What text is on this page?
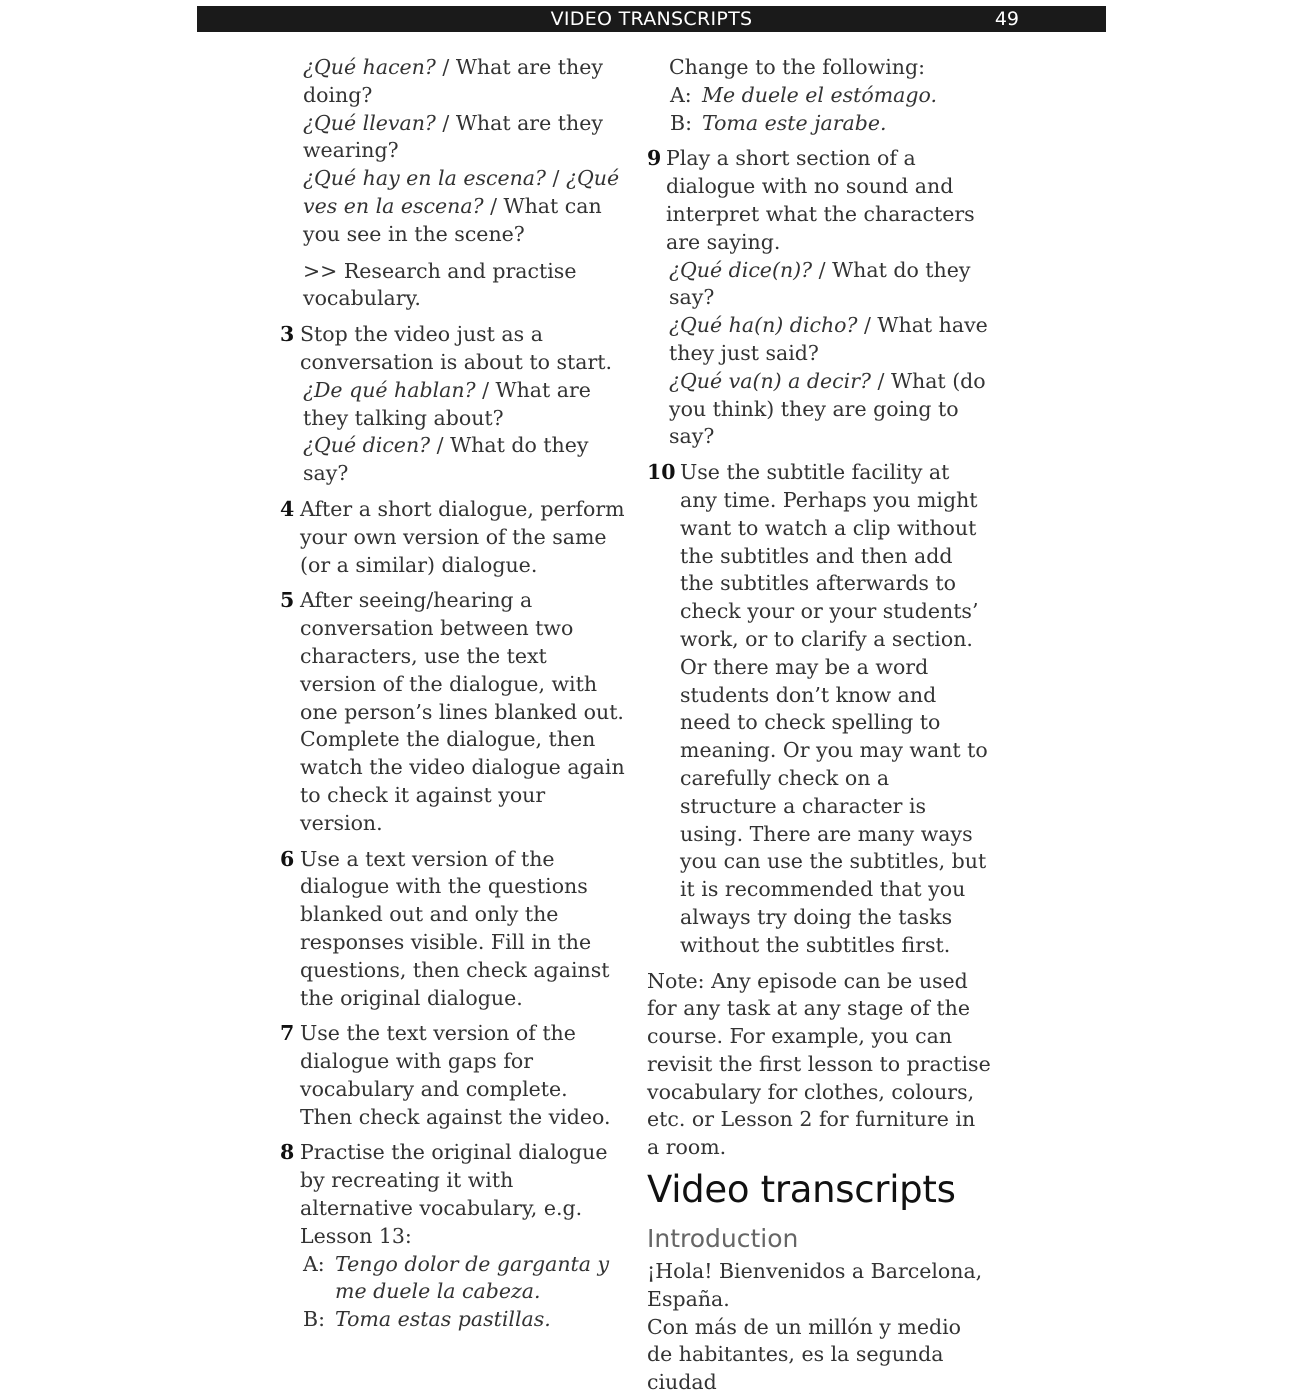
VIDEO TRANSCRIPTS	49

¿Qué hacen? / What are they doing?

¿Qué llevan? / What are they wearing?

¿Qué hay en la escena? / ¿Qué ves en la escena? / What can you see in the scene?

>> Research and practise vocabulary.

3 Stop the video just as a conversation is about to start.

¿De qué hablan? / What are they talking about?

¿Qué dicen? / What do they say?

4 After a short dialogue, perform your own version of the same (or a similar) dialogue.

5 After seeing/hearing a conversation between two characters, use the text version of the dialogue, with one person’s lines blanked out. Complete the dialogue, then watch the video dialogue again to check it against your version.

6 Use a text version of the dialogue with the questions blanked out and only the responses visible. Fill in the questions, then check against the original dialogue.

7 Use the text version of the dialogue with gaps for vocabulary and complete. Then check against the video.

8 Practise the original dialogue by recreating it with alternative vocabulary, e.g. Lesson 13:

A: Tengo dolor de garganta y me duele la cabeza.

B: Toma estas pastillas.

Change to the following:

A: Me duele el estómago.

B: Toma este jarabe.

9 Play a short section of a dialogue with no sound and interpret what the characters are saying.

¿Qué dice(n)? / What do they say?

¿Qué ha(n) dicho? / What have they just said?

¿Qué va(n) a decir? / What (do you think) they are going to say?

10 Use the subtitle facility at any time. Perhaps you might want to watch a clip without the subtitles and then add the subtitles afterwards to check your or your students’ work, or to clarify a section. Or there may be a word students don’t know and need to check spelling to meaning. Or you may want to carefully check on a structure a character is using. There are many ways you can use the subtitles, but it is recommended that you always try doing the tasks without the subtitles first.

Note: Any episode can be used for any task at any stage of the course. For example, you can revisit the first lesson to practise vocabulary for clothes, colours, etc. or Lesson 2 for furniture in a room.

Video transcripts

Introduction

¡Hola! Bienvenidos a Barcelona, España.

Con más de un millón y medio de habitantes, es la segunda ciudad
